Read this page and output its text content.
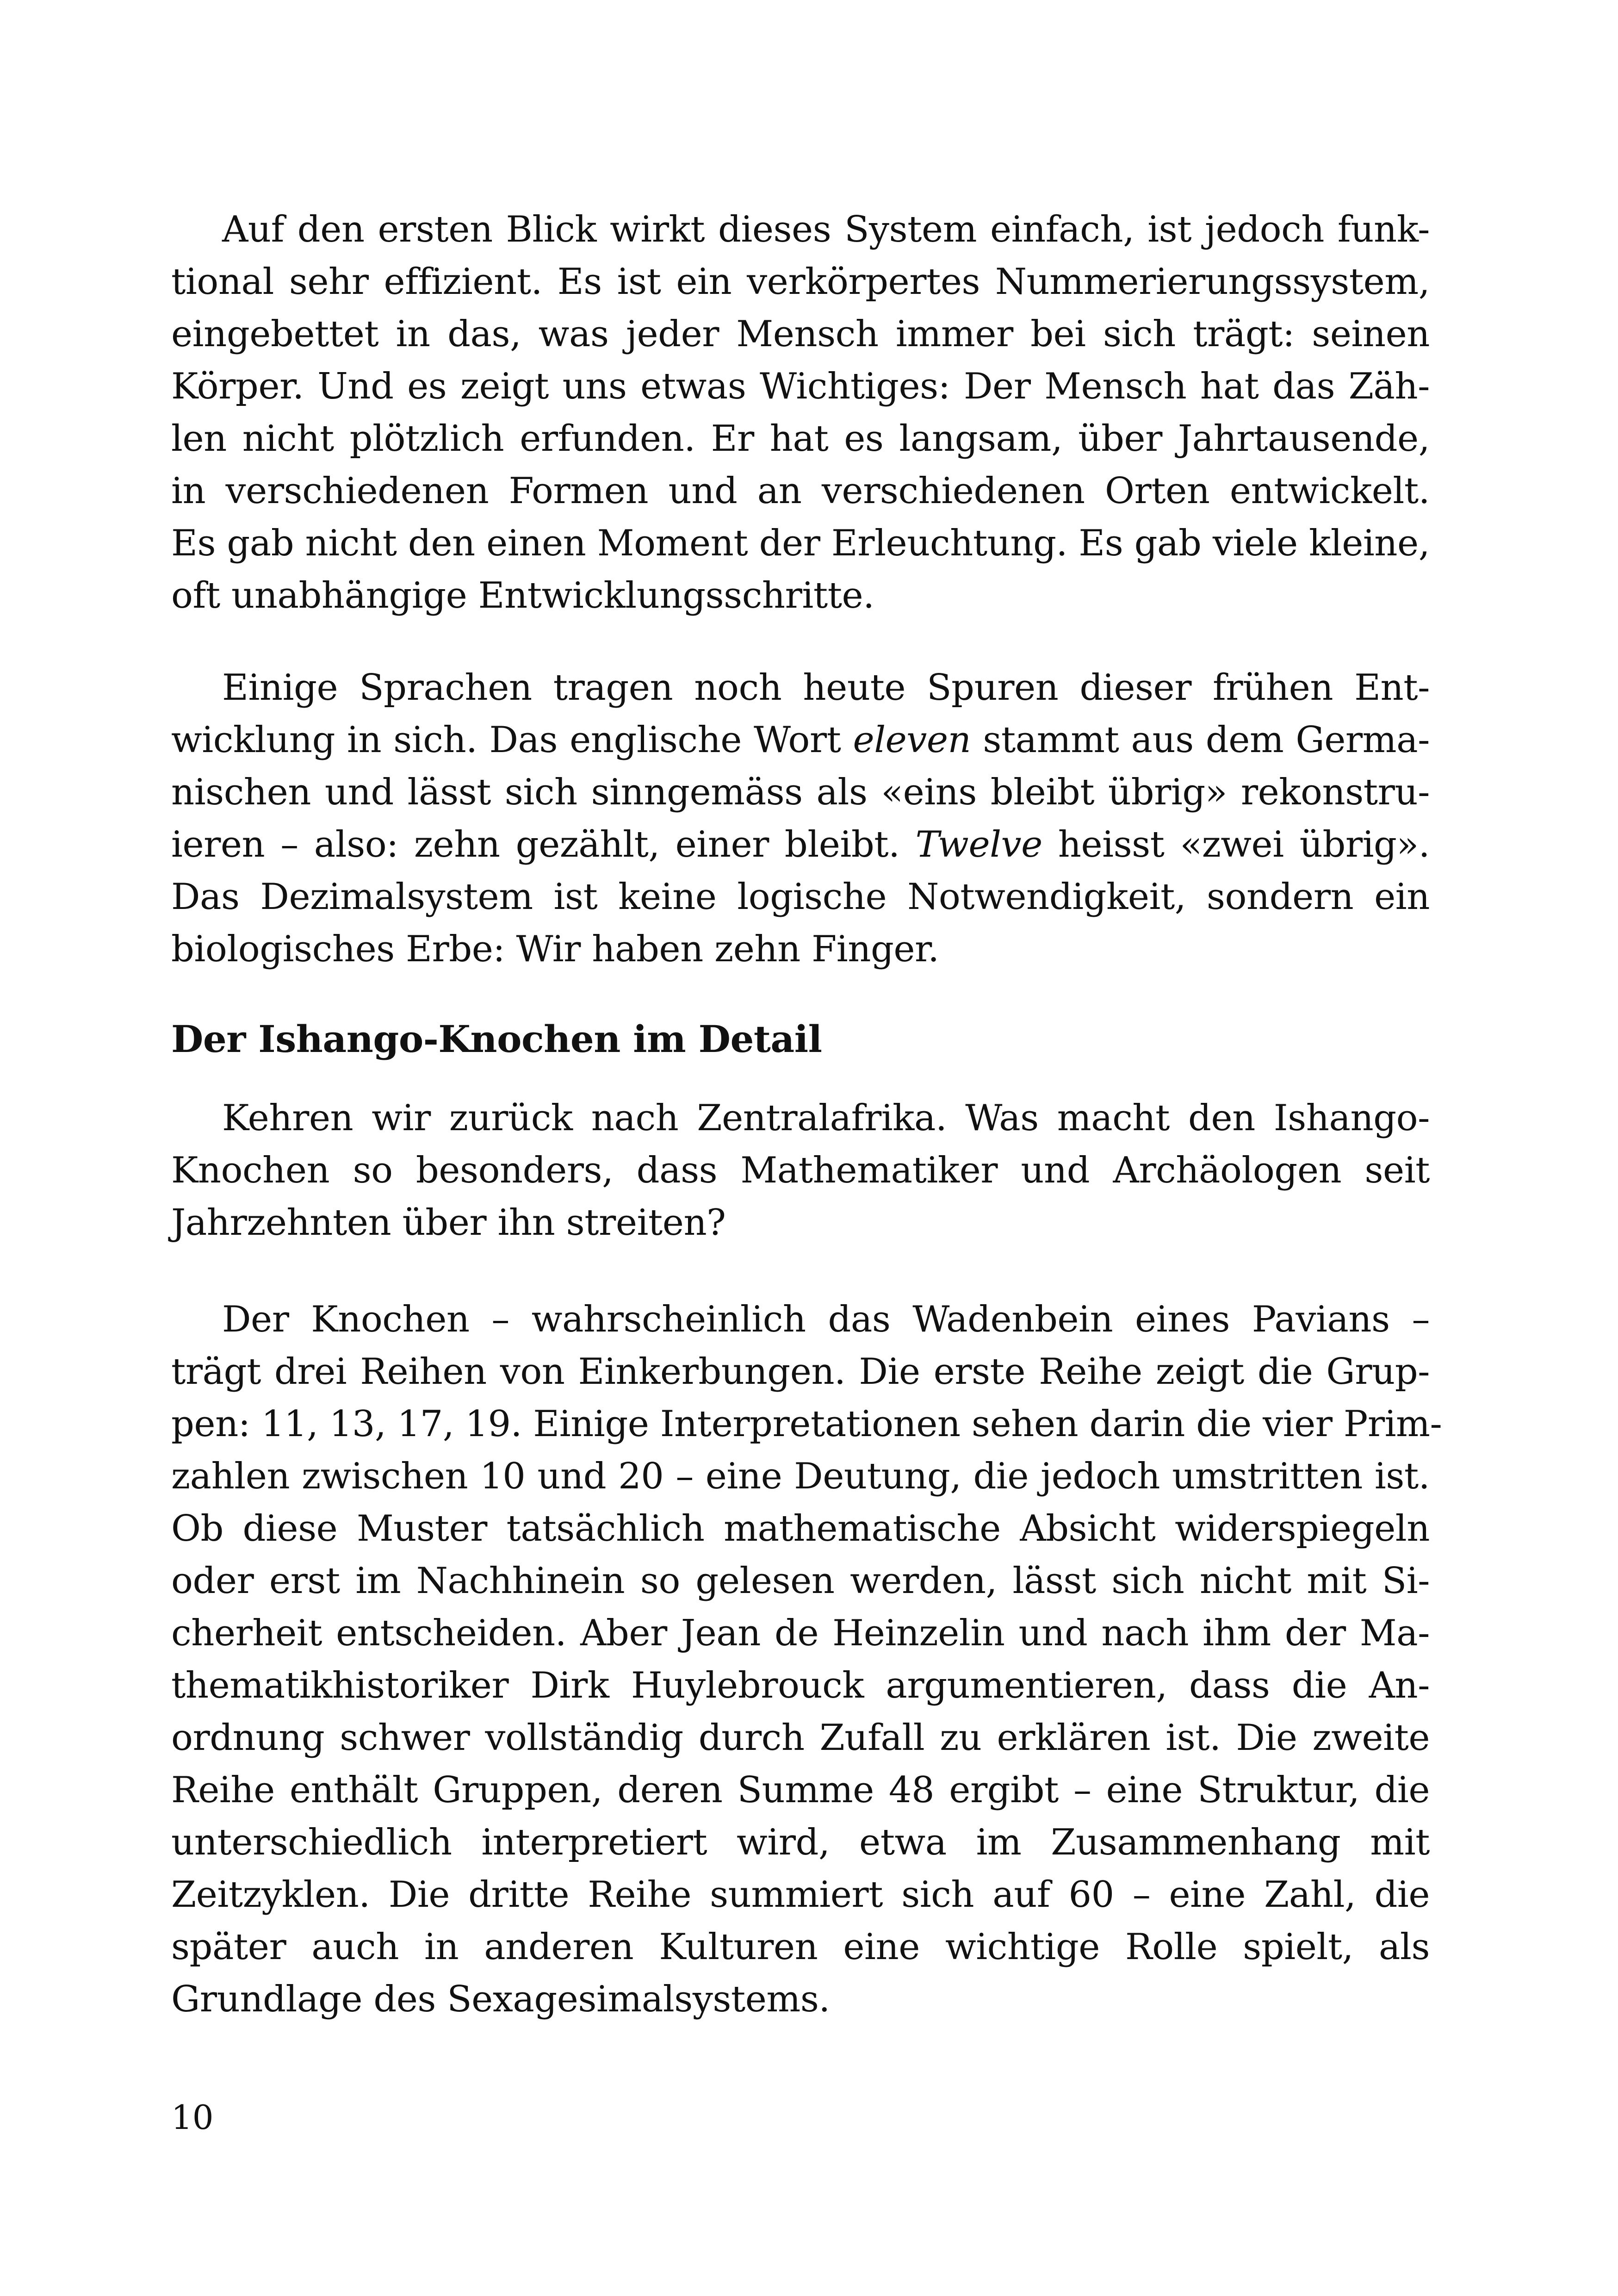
Auf den ersten Blick wirkt dieses System einfach, ist jedoch funk-
tional sehr effizient. Es ist ein verkörpertes Nummerierungssystem,
eingebettet in das, was jeder Mensch immer bei sich trägt: seinen
Körper. Und es zeigt uns etwas Wichtiges: Der Mensch hat das Zäh-
len nicht plötzlich erfunden. Er hat es langsam, über Jahrtausende,
in verschiedenen Formen und an verschiedenen Orten entwickelt.
Es gab nicht den einen Moment der Erleuchtung. Es gab viele kleine,
oft unabhängige Entwicklungsschritte.

Einige Sprachen tragen noch heute Spuren dieser frühen Ent-
wicklung in sich. Das englische Wort eleven stammt aus dem Germa-
nischen und lässt sich sinngemäss als «eins bleibt übrig» rekonstru-
ieren – also: zehn gezählt, einer bleibt. Twelve heisst «zwei übrig».
Das Dezimalsystem ist keine logische Notwendigkeit, sondern ein
biologisches Erbe: Wir haben zehn Finger.

Der Ishango-Knochen im Detail

Kehren wir zurück nach Zentralafrika. Was macht den Ishango-
Knochen so besonders, dass Mathematiker und Archäologen seit
Jahrzehnten über ihn streiten?

Der Knochen – wahrscheinlich das Wadenbein eines Pavians –
trägt drei Reihen von Einkerbungen. Die erste Reihe zeigt die Grup-
pen: 11, 13, 17, 19. Einige Interpretationen sehen darin die vier Prim-
zahlen zwischen 10 und 20 – eine Deutung, die jedoch umstritten ist.
Ob diese Muster tatsächlich mathematische Absicht widerspiegeln
oder erst im Nachhinein so gelesen werden, lässt sich nicht mit Si-
cherheit entscheiden. Aber Jean de Heinzelin und nach ihm der Ma-
thematikhistoriker Dirk Huylebrouck argumentieren, dass die An-
ordnung schwer vollständig durch Zufall zu erklären ist. Die zweite
Reihe enthält Gruppen, deren Summe 48 ergibt – eine Struktur, die
unterschiedlich interpretiert wird, etwa im Zusammenhang mit
Zeitzyklen. Die dritte Reihe summiert sich auf 60 – eine Zahl, die
später auch in anderen Kulturen eine wichtige Rolle spielt, als
Grundlage des Sexagesimalsystems.

10
